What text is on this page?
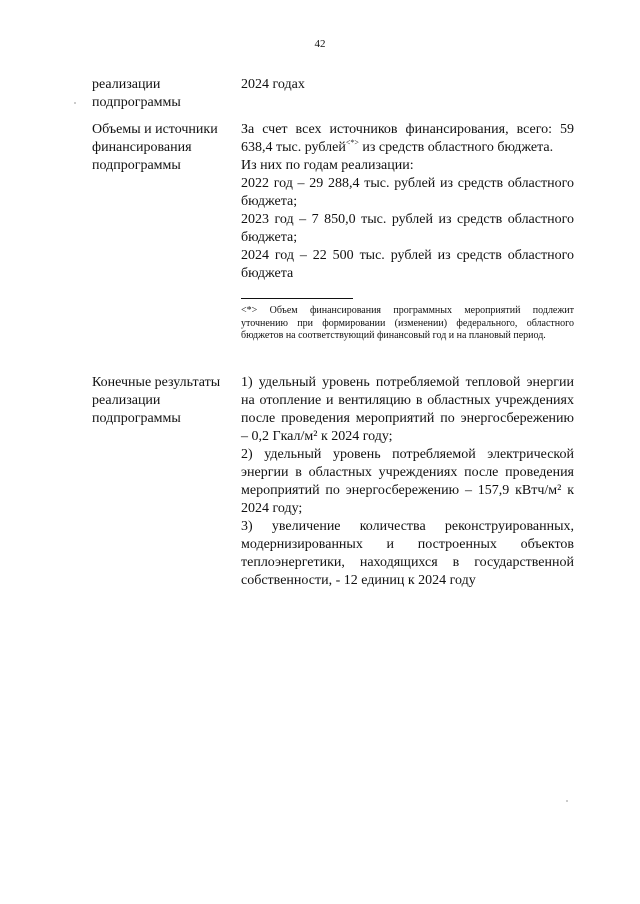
42
реализации
подпрограммы

2024 годах

Объемы и источники
финансирования
подпрограммы

За счет всех источников финансирования, всего: 59 638,4 тыс. рублей<*> из средств областного бюджета.

Из них по годам реализации:

2022 год – 29 288,4 тыс. рублей из средств областного бюджета;

2023 год – 7 850,0 тыс. рублей из средств областного бюджета;

2024 год – 22 500 тыс. рублей из средств областного бюджета

<*> Объем финансирования программных мероприятий подлежит уточнению при формировании (изменении) федерального, областного бюджетов на соответствующий финансовый год и на плановый период.

Конечные результаты
реализации
подпрограммы

1) удельный уровень потребляемой тепловой энергии на отопление и вентиляцию в областных учреждениях после проведения мероприятий по энергосбережению – 0,2 Гкал/м² к 2024 году;

2) удельный уровень потребляемой электрической энергии в областных учреждениях после проведения мероприятий по энергосбережению – 157,9 кВтч/м² к 2024 году;

3) увеличение количества реконструированных, модернизированных и построенных объектов теплоэнергетики, находящихся в государственной собственности, - 12 единиц к 2024 году
